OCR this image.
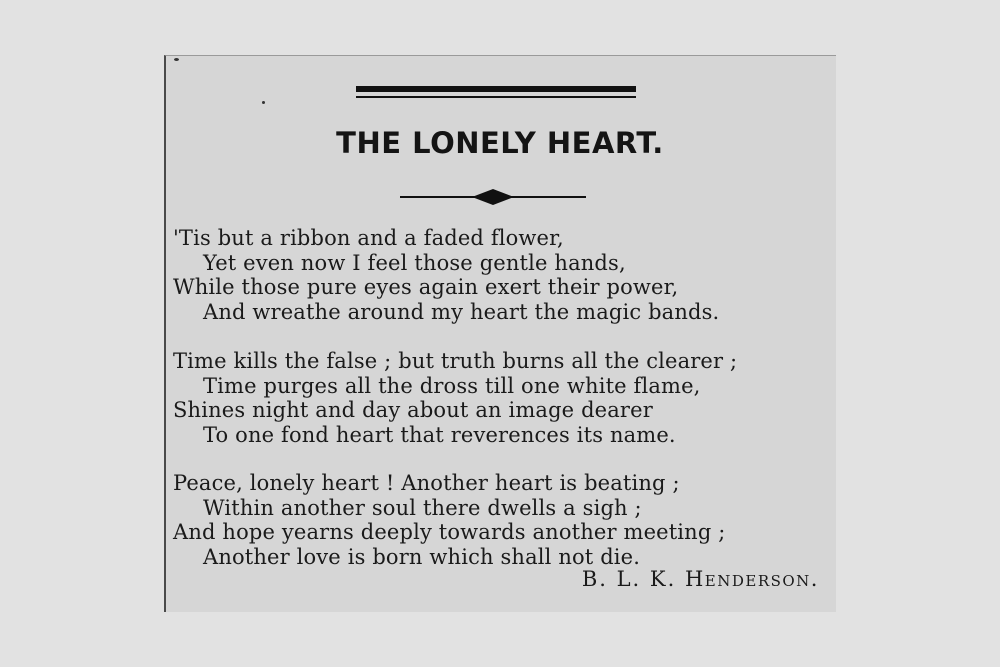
THE LONELY HEART.
'Tis but a ribbon and a faded flower,
Yet even now I feel those gentle hands,
While those pure eyes again exert their power,
And wreathe around my heart the magic bands.
Time kills the false ; but truth burns all the clearer ;
Time purges all the dross till one white flame,
Shines night and day about an image dearer
To one fond heart that reverences its name.
Peace, lonely heart ! Another heart is beating ;
Within another soul there dwells a sigh ;
And hope yearns deeply towards another meeting ;
Another love is born which shall not die.

B. L. K. Henderson.
